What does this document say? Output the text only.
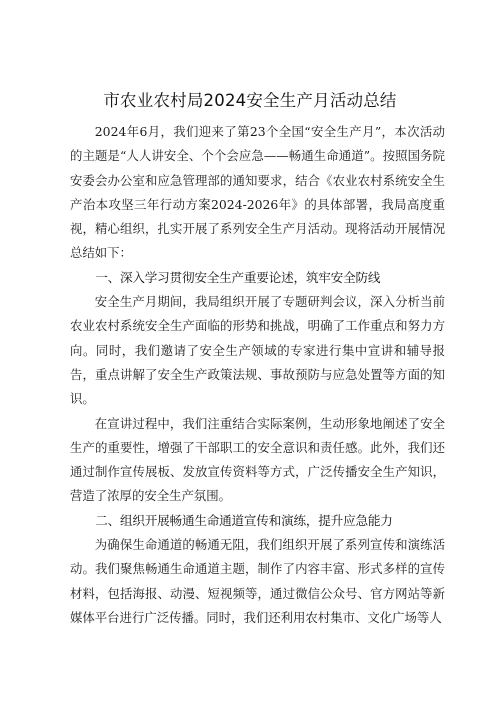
市农业农村局2024安全生产月活动总结

2024年6月，我们迎来了第23个全国“安全生产月”，本次活动的主题是“人人讲安全、个个会应急——畅通生命通道”。按照国务院安委会办公室和应急管理部的通知要求，结合《农业农村系统安全生产治本攻坚三年行动方案2024-2026年》的具体部署，我局高度重视，精心组织，扎实开展了系列安全生产月活动。现将活动开展情况总结如下：

一、深入学习贯彻安全生产重要论述，筑牢安全防线

安全生产月期间，我局组织开展了专题研判会议，深入分析当前农业农村系统安全生产面临的形势和挑战，明确了工作重点和努力方向。同时，我们邀请了安全生产领域的专家进行集中宣讲和辅导报告，重点讲解了安全生产政策法规、事故预防与应急处置等方面的知识。

在宣讲过程中，我们注重结合实际案例，生动形象地阐述了安全生产的重要性，增强了干部职工的安全意识和责任感。此外，我们还通过制作宣传展板、发放宣传资料等方式，广泛传播安全生产知识，营造了浓厚的安全生产氛围。

二、组织开展畅通生命通道宣传和演练，提升应急能力

为确保生命通道的畅通无阻，我们组织开展了系列宣传和演练活动。我们聚焦畅通生命通道主题，制作了内容丰富、形式多样的宣传材料，包括海报、动漫、短视频等，通过微信公众号、官方网站等新媒体平台进行广泛传播。同时，我们还利用农村集市、文化广场等人
